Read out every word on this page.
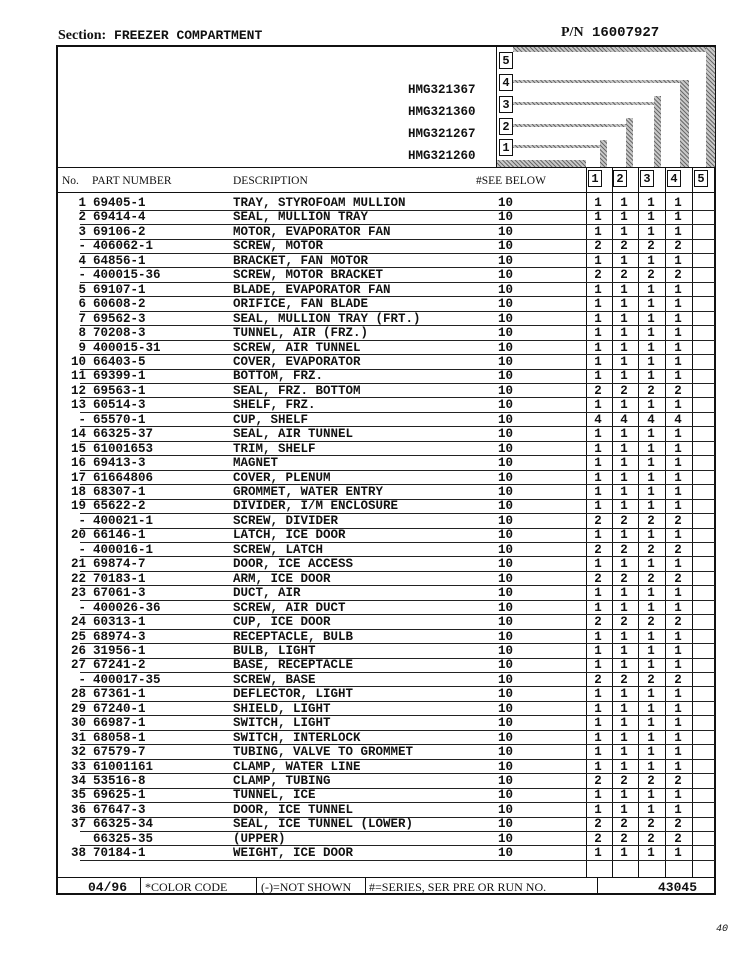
Section: FREEZER COMPARTMENT	P/N 16007927
HMG321367
HMG321360
HMG321267
HMG321260
5
4
3
2
1
No. PART NUMBER	DESCRIPTION	#SEE BELOW	1 2 3 4 5
1 69405-1	TRAY, STYROFOAM MULLION	10	1 1 1 1
2 69414-4	SEAL, MULLION TRAY	10	1 1 1 1
3 69106-2	MOTOR, EVAPORATOR FAN	10	1 1 1 1
- 406062-1	SCREW, MOTOR	10	2 2 2 2
4 64856-1	BRACKET, FAN MOTOR	10	1 1 1 1
- 400015-36	SCREW, MOTOR BRACKET	10	2 2 2 2
5 69107-1	BLADE, EVAPORATOR FAN	10	1 1 1 1
6 60608-2	ORIFICE, FAN BLADE	10	1 1 1 1
7 69562-3	SEAL, MULLION TRAY (FRT.)	10	1 1 1 1
8 70208-3	TUNNEL, AIR (FRZ.)	10	1 1 1 1
9 400015-31	SCREW, AIR TUNNEL	10	1 1 1 1
10 66403-5	COVER, EVAPORATOR	10	1 1 1 1
11 69399-1	BOTTOM, FRZ.	10	1 1 1 1
12 69563-1	SEAL, FRZ. BOTTOM	10	2 2 2 2
13 60514-3	SHELF, FRZ.	10	1 1 1 1
- 65570-1	CUP, SHELF	10	4 4 4 4
14 66325-37	SEAL, AIR TUNNEL	10	1 1 1 1
15 61001653	TRIM, SHELF	10	1 1 1 1
16 69413-3	MAGNET	10	1 1 1 1
17 61664806	COVER, PLENUM	10	1 1 1 1
18 68307-1	GROMMET, WATER ENTRY	10	1 1 1 1
19 65622-2	DIVIDER, I/M ENCLOSURE	10	1 1 1 1
- 400021-1	SCREW, DIVIDER	10	2 2 2 2
20 66146-1	LATCH, ICE DOOR	10	1 1 1 1
- 400016-1	SCREW, LATCH	10	2 2 2 2
21 69874-7	DOOR, ICE ACCESS	10	1 1 1 1
22 70183-1	ARM, ICE DOOR	10	2 2 2 2
23 67061-3	DUCT, AIR	10	1 1 1 1
- 400026-36	SCREW, AIR DUCT	10	1 1 1 1
24 60313-1	CUP, ICE DOOR	10	2 2 2 2
25 68974-3	RECEPTACLE, BULB	10	1 1 1 1
26 31956-1	BULB, LIGHT	10	1 1 1 1
27 67241-2	BASE, RECEPTACLE	10	1 1 1 1
- 400017-35	SCREW, BASE	10	2 2 2 2
28 67361-1	DEFLECTOR, LIGHT	10	1 1 1 1
29 67240-1	SHIELD, LIGHT	10	1 1 1 1
30 66987-1	SWITCH, LIGHT	10	1 1 1 1
31 68058-1	SWITCH, INTERLOCK	10	1 1 1 1
32 67579-7	TUBING, VALVE TO GROMMET	10	1 1 1 1
33 61001161	CLAMP, WATER LINE	10	1 1 1 1
34 53516-8	CLAMP, TUBING	10	2 2 2 2
35 69625-1	TUNNEL, ICE	10	1 1 1 1
36 67647-3	DOOR, ICE TUNNEL	10	1 1 1 1
37 66325-34	SEAL, ICE TUNNEL (LOWER)	10	2 2 2 2
66325-35	(UPPER)	10	2 2 2 2
38 70184-1	WEIGHT, ICE DOOR	10	1 1 1 1
04/96 *COLOR CODE	(-)=NOT SHOWN #=SERIES, SER PRE OR RUN NO.	43045
40
